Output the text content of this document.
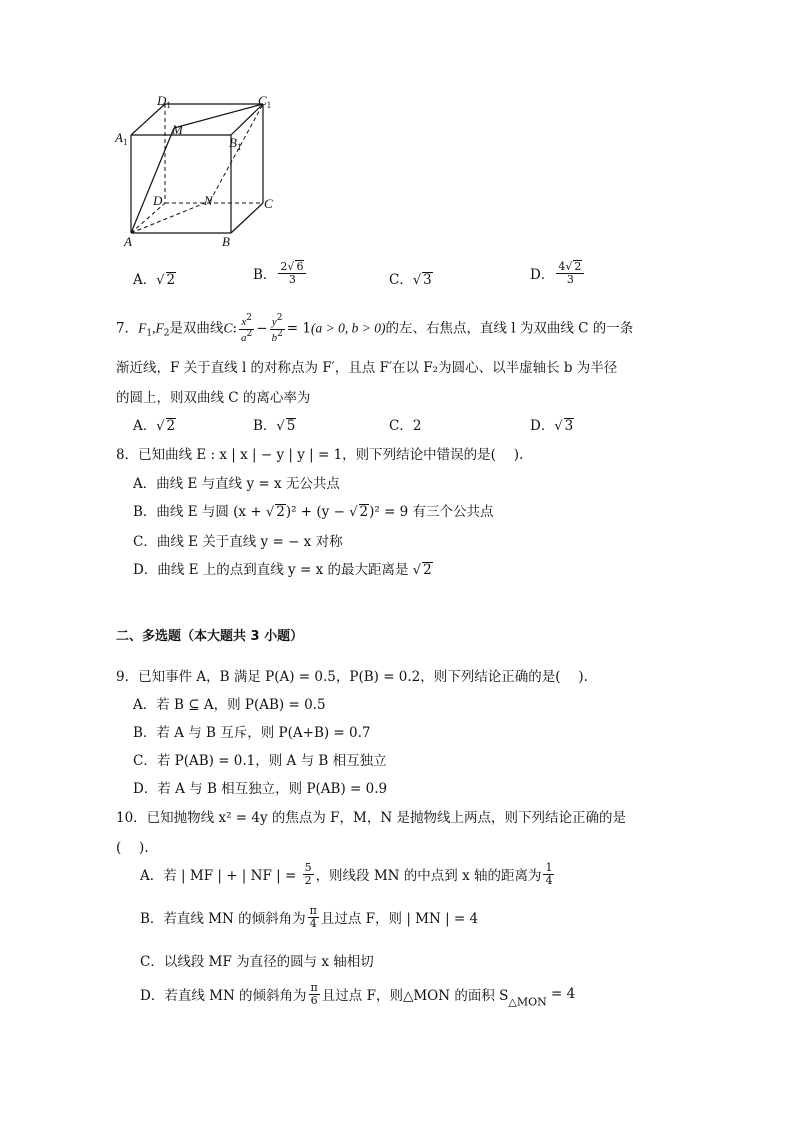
$D_1$	$C_1$
$A_1$
M
$B_1$
D	N	C
A	B
A．√ 2	B． $\frac{2√ 6}{3}$	C．√ 3	D． $\frac{4√ 2}{3}$
7．$F_1,F_2$是双曲线C: $\frac{x^2}{a^2} - \frac{y^2}{b^2} = 1(a > 0$, b > 0)的左、右焦点，直线 l 为双曲线 C 的一条
渐近线，F 关于直线 l 的对称点为 F′，且点 F′在以 F₂为圆心、以半虚轴长 b 为半径
的圆上，则双曲线 C 的离心率为
A．√ 2	B．√ 5	C．2	D．√ 3
8．已知曲线 E : x | x | − y | y | = 1，则下列结论中错误的是(　 ).
A．曲线 E 与直线 y = x 无公共点
B．曲线 E 与圆 (x + √ 2)² + (y − √ 2)² = 9 有三个公共点
C．曲线 E 关于直线 y = − x 对称
D．曲线 E 上的点到直线 y = x 的最大距离是 √ 2
二、多选题（本大题共 3 小题）
9．已知事件 A，B 满足 P(A) = 0.5，P(B) = 0.2，则下列结论正确的是(　 ).
A．若 B ⊆ A，则 P(AB) = 0.5
B．若 A 与 B 互斥，则 P(A+B) = 0.7
C．若 P(AB) = 0.1，则 A 与 B 相互独立
D．若 A 与 B 相互独立，则 P(AB) = 0.9
10．已知抛物线 x² = 4y 的焦点为 F，M，N 是抛物线上两点，则下列结论正确的是
(　 ).
A．若 | MF | + | NF | = $\frac{5}{2}$ ，则线段 MN 的中点到 x 轴的距离为 $\frac{1}{4}$
B．若直线 MN 的倾斜角为 $\frac{\pi}{4}$ 且过点 F，则 | MN | = 4
C．以线段 MF 为直径的圆与 x 轴相切
D．若直线 MN 的倾斜角为 $\frac{\pi}{6}$ 且过点 F，则△MON 的面积 $S_{\triangle MON} = 4$
